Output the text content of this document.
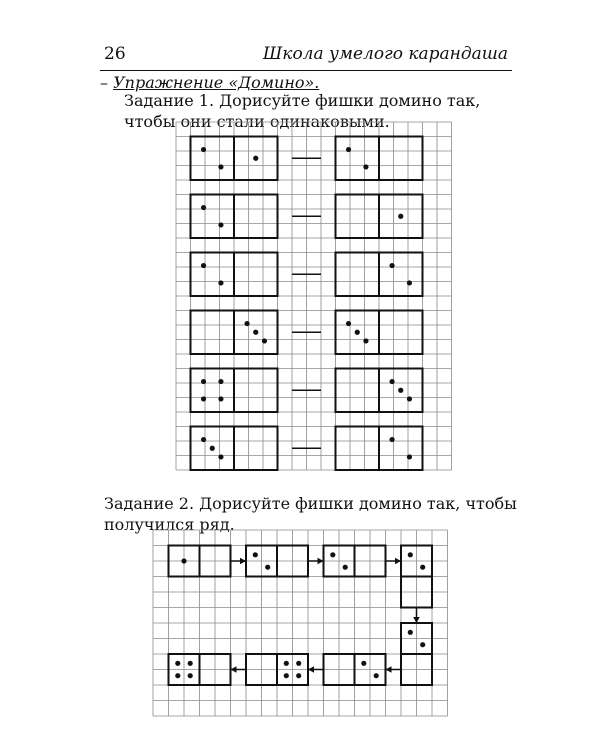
26	Школа умелого карандаша
– Упражнение «Домино».
Задание 1. Дорисуйте фишки домино так, чтобы они стали одинаковыми.
Задание 2. Дорисуйте фишки домино так, чтобы получился ряд.
